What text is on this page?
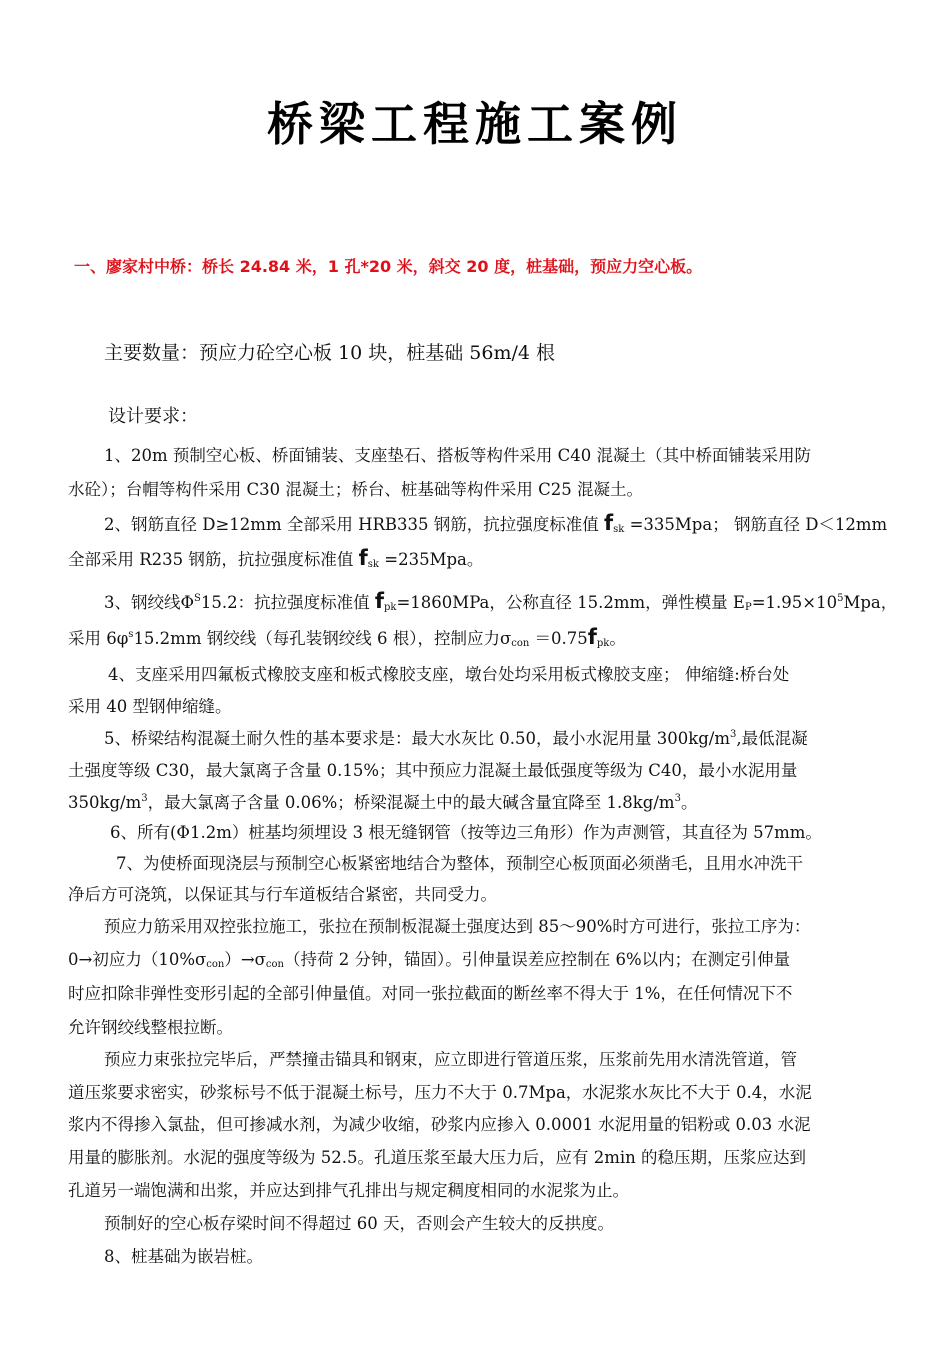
桥梁工程施工案例

一、廖家村中桥：桥长 24.84 米，1 孔*20 米，斜交 20 度，桩基础，预应力空心板。

主要数量：预应力砼空心板 10 块，桩基础 56m/4 根

设计要求：

1、20m 预制空心板、桥面铺装、支座垫石、搭板等构件采用 C40 混凝土（其中桥面铺装采用防

水砼）；台帽等构件采用 C30 混凝土；桥台、桩基础等构件采用 C25 混凝土。

2、钢筋直径 D≥12mm 全部采用 HRB335 钢筋，抗拉强度标准值 $f_{sk} =335Mpa$； 钢筋直径 D＜12mm

全部采用 R235 钢筋，抗拉强度标准值 $f_{sk} =235Mpa$。

3、钢绞线$\Phi^S15.2$：抗拉强度标准值 $f_{pk}=1860MPa$，公称直径 15.2mm，弹性模量 $E_P=1.95\times 10^5Mpa$，

采用 $6\varphi^s15.2mm$ 钢绞线（每孔装钢绞线 6 根），控制应力$\sigma_{con} =0.75f_{pk}$。

4、支座采用四氟板式橡胶支座和板式橡胶支座，墩台处均采用板式橡胶支座； 伸缩缝:桥台处

采用 40 型钢伸缩缝。

5、桥梁结构混凝土耐久性的基本要求是：最大水灰比 0.50，最小水泥用量 $300kg/m^3$,最低混凝

土强度等级 C30，最大氯离子含量 0.15%；其中预应力混凝土最低强度等级为 C40，最小水泥用量

$350kg/m^3$，最大氯离子含量 0.06%；桥梁混凝土中的最大碱含量宜降至 $1.8kg/m^3$。

6、所有(Φ1.2m）桩基均须埋设 3 根无缝钢管（按等边三角形）作为声测管，其直径为 57mm。

7、为使桥面现浇层与预制空心板紧密地结合为整体，预制空心板顶面必须凿毛，且用水冲洗干

净后方可浇筑，以保证其与行车道板结合紧密，共同受力。

预应力筋采用双控张拉施工，张拉在预制板混凝土强度达到 85～90%时方可进行，张拉工序为：

0→初应力$(10\%\sigma_{con})\to\sigma_{con}$（持荷 2 分钟，锚固）。引伸量误差应控制在 6%以内；在测定引伸量

时应扣除非弹性变形引起的全部引伸量值。对同一张拉截面的断丝率不得大于 1%，在任何情况下不

允许钢绞线整根拉断。

预应力束张拉完毕后，严禁撞击锚具和钢束，应立即进行管道压浆，压浆前先用水清洗管道，管

道压浆要求密实，砂浆标号不低于混凝土标号，压力不大于 0.7Mpa，水泥浆水灰比不大于 0.4，水泥

浆内不得掺入氯盐，但可掺减水剂，为减少收缩，砂浆内应掺入 0.0001 水泥用量的铝粉或 0.03 水泥

用量的膨胀剂。水泥的强度等级为 52.5。孔道压浆至最大压力后，应有 2min 的稳压期，压浆应达到

孔道另一端饱满和出浆，并应达到排气孔排出与规定稠度相同的水泥浆为止。

预制好的空心板存梁时间不得超过 60 天，否则会产生较大的反拱度。

8、桩基础为嵌岩桩。
